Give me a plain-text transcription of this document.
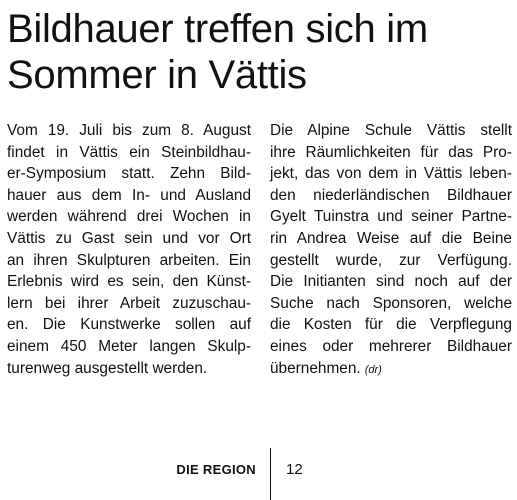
Bildhauer treffen sich im
Sommer in Vättis
Vom 19. Juli bis zum 8. August
findet in Vättis ein Steinbildhau-
er-Symposium statt. Zehn Bild-
hauer aus dem In- und Ausland
werden während drei Wochen in
Vättis zu Gast sein und vor Ort
an ihren Skulpturen arbeiten. Ein
Erlebnis wird es sein, den Künst-
lern bei ihrer Arbeit zuzuschau-
en. Die Kunstwerke sollen auf
einem 450 Meter langen Skulp-
turenweg ausgestellt werden.
Die Alpine Schule Vättis stellt
ihre Räumlichkeiten für das Pro-
jekt, das von dem in Vättis leben-
den niederländischen Bildhauer
Gyelt Tuinstra und seiner Partne-
rin Andrea Weise auf die Beine
gestellt wurde, zur Verfügung.
Die Initianten sind noch auf der
Suche nach Sponsoren, welche
die Kosten für die Verpflegung
eines oder mehrerer Bildhauer
übernehmen. (dr)
DIE REGION 12
